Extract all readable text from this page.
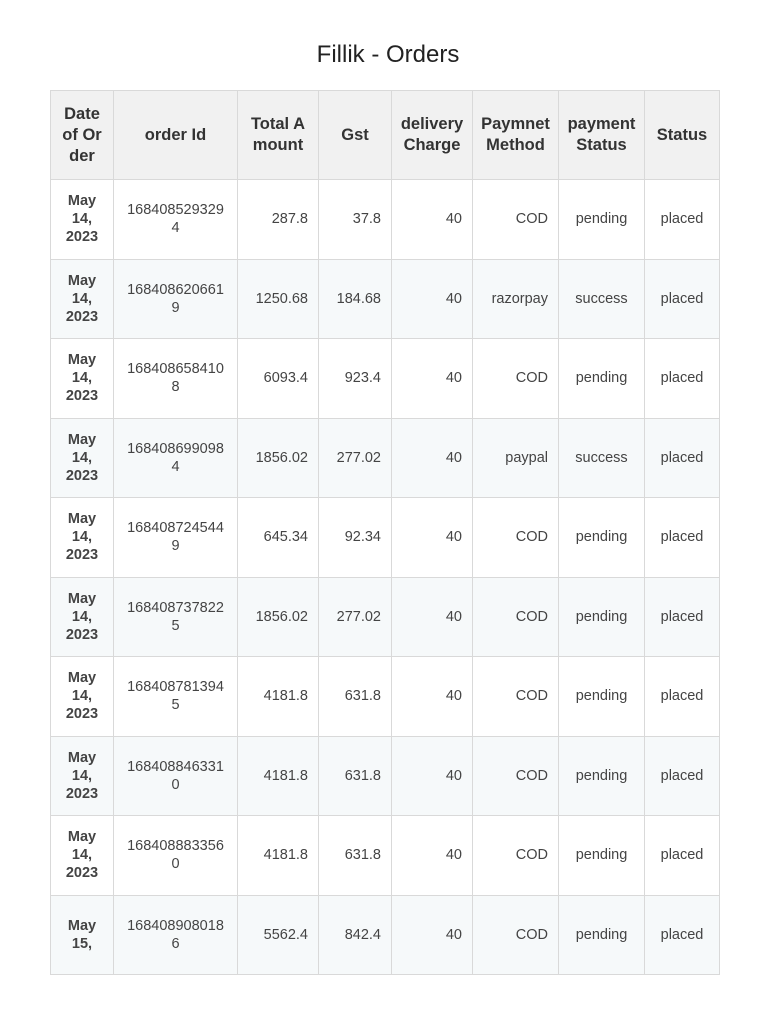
Fillik - Orders
Date of Order	order Id	Total Amount	Gst	delivery Charge	Paymnet Method	payment Status	Status
May 14, 2023	1684085293294	287.8	37.8	40	COD	pending	placed
May 14, 2023	1684086206619	1250.68	184.68	40	razorpay	success	placed
May 14, 2023	1684086584108	6093.4	923.4	40	COD	pending	placed
May 14, 2023	1684086990984	1856.02	277.02	40	paypal	success	placed
May 14, 2023	1684087245449	645.34	92.34	40	COD	pending	placed
May 14, 2023	1684087378225	1856.02	277.02	40	COD	pending	placed
May 14, 2023	1684087813945	4181.8	631.8	40	COD	pending	placed
May 14, 2023	1684088463310	4181.8	631.8	40	COD	pending	placed
May 14, 2023	1684088833560	4181.8	631.8	40	COD	pending	placed
May 15,	1684089080186	5562.4	842.4	40	COD	pending	placed
